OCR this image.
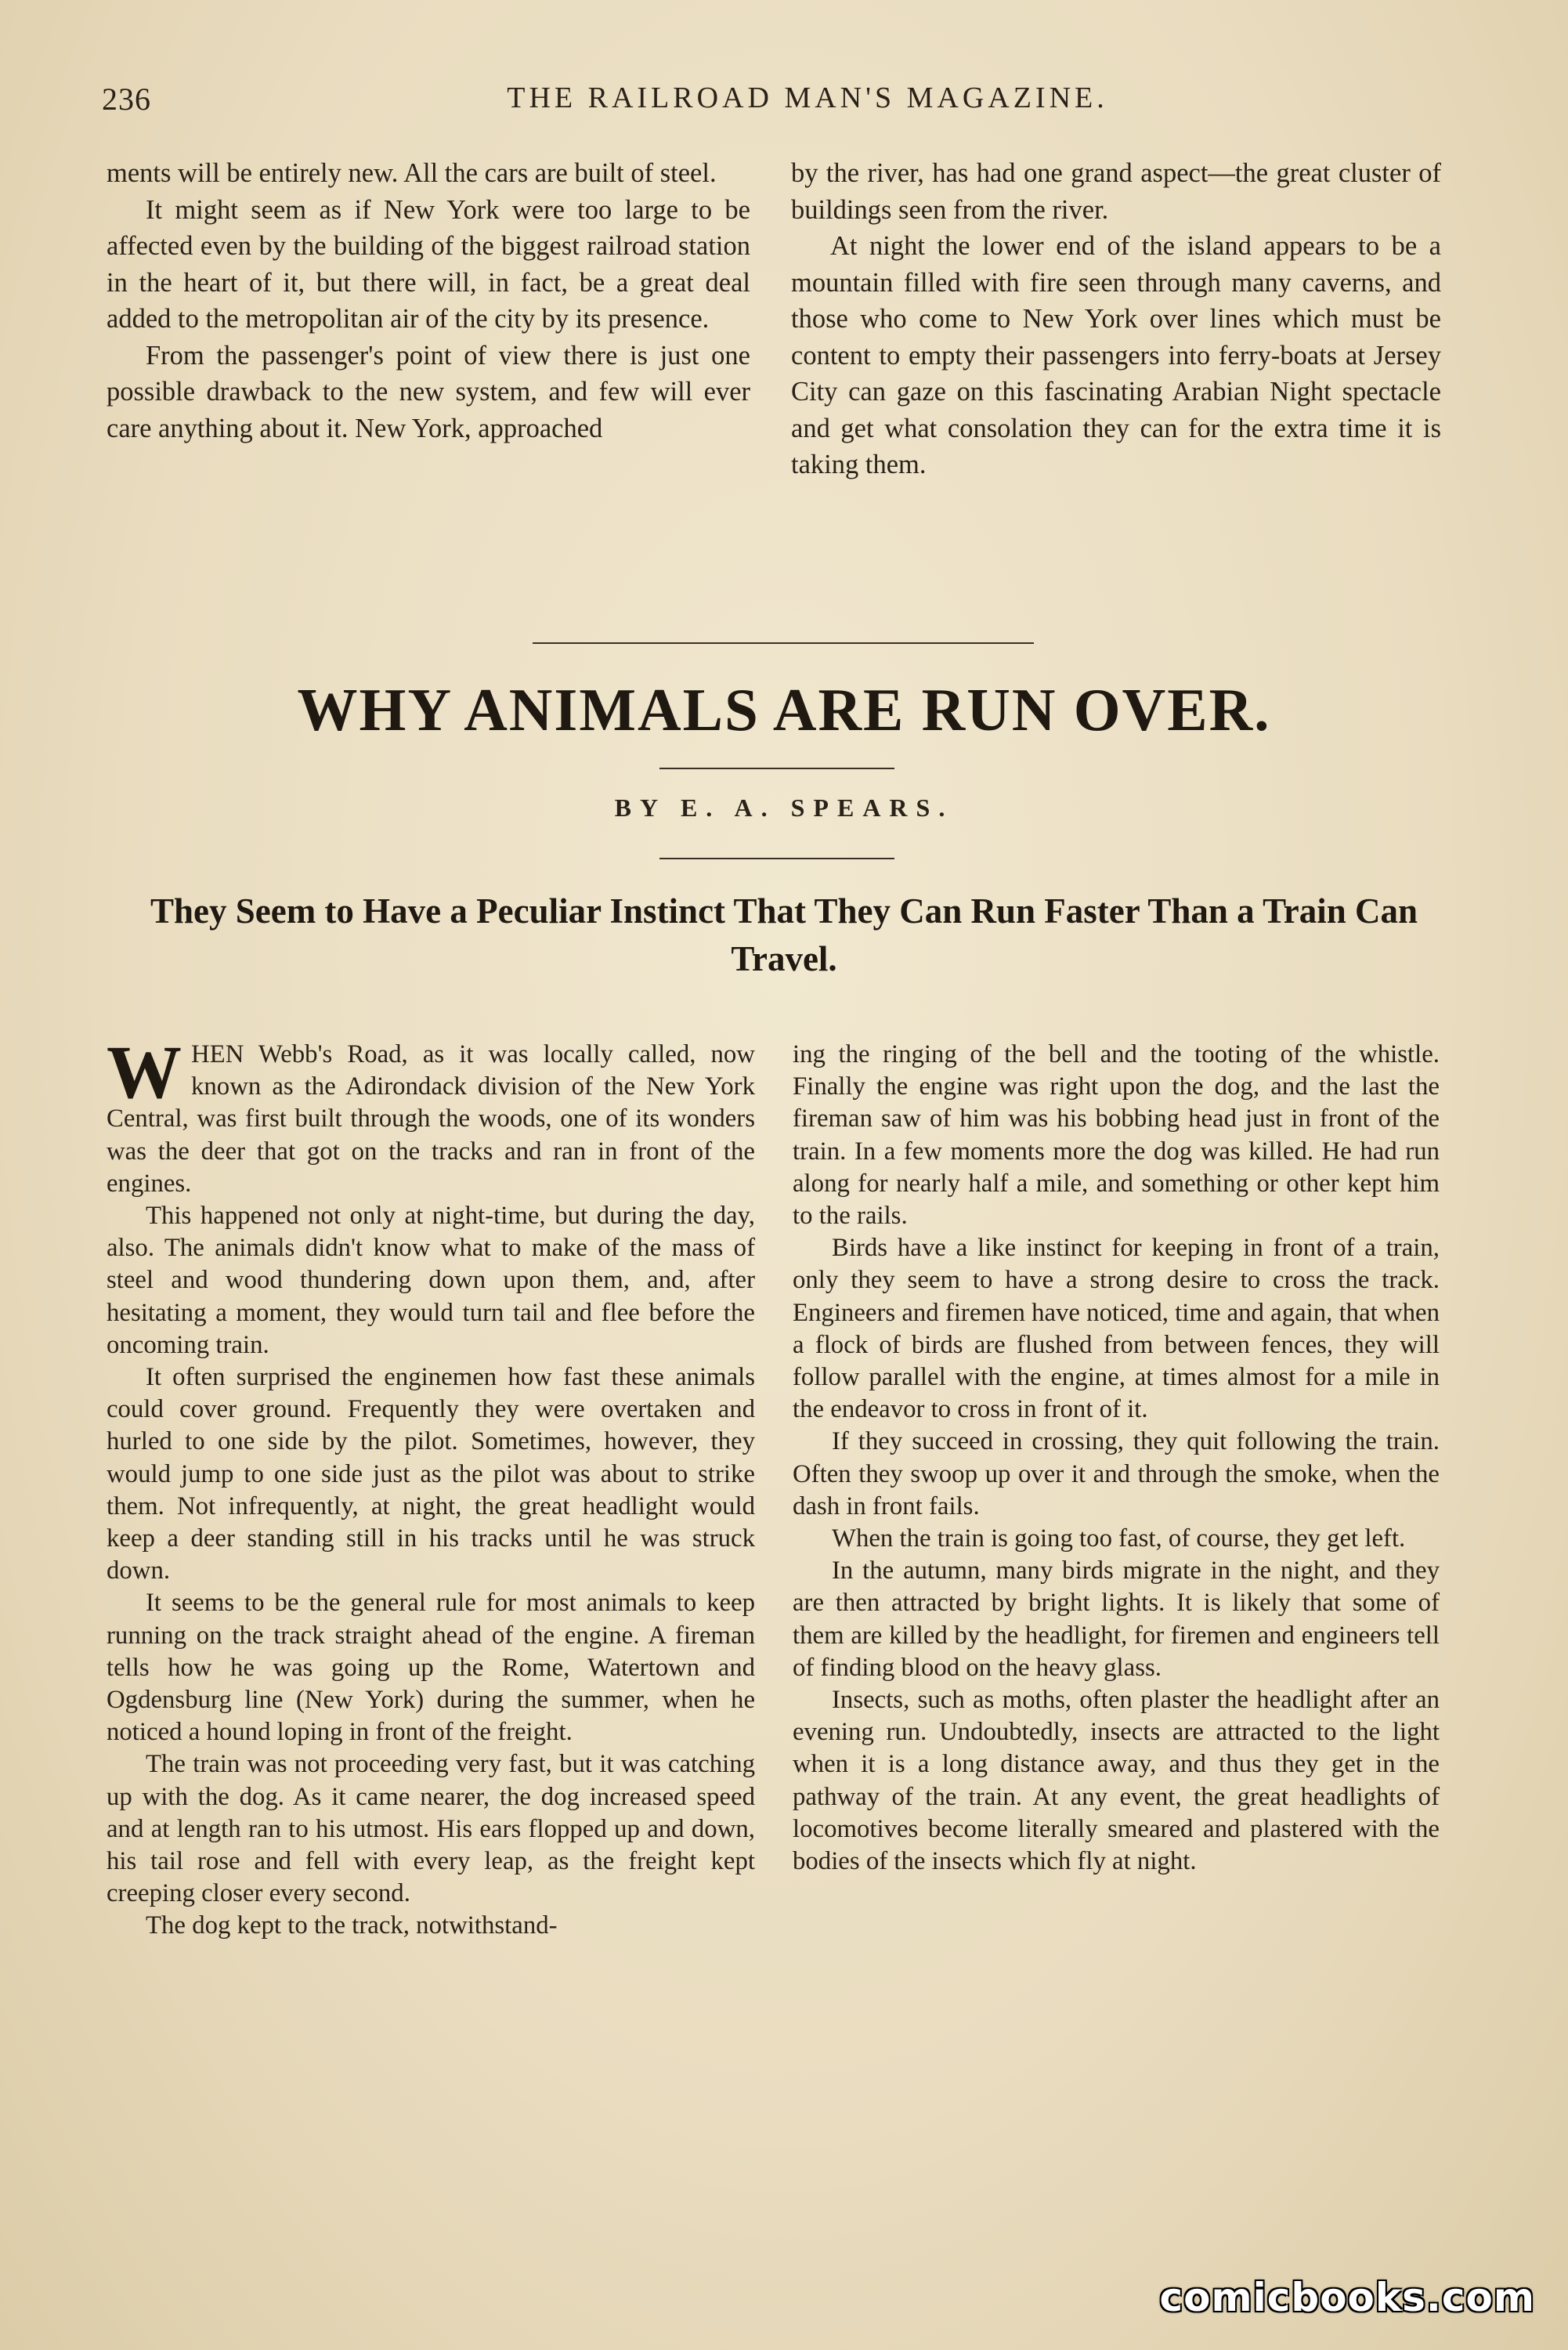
236	THE RAILROAD MAN'S MAGAZINE.

ments will be entirely new. All the cars are built of steel.

It might seem as if New York were too large to be affected even by the building of the biggest railroad station in the heart of it, but there will, in fact, be a great deal added to the metropolitan air of the city by its presence.

From the passenger's point of view there is just one possible drawback to the new system, and few will ever care anything about it. New York, approached

by the river, has had one grand aspect—the great cluster of buildings seen from the river.

At night the lower end of the island appears to be a mountain filled with fire seen through many caverns, and those who come to New York over lines which must be content to empty their passengers into ferry-boats at Jersey City can gaze on this fascinating Arabian Night spectacle and get what consolation they can for the extra time it is taking them.

WHY ANIMALS ARE RUN OVER.
BY E. A. SPEARS.
They Seem to Have a Peculiar Instinct That They Can Run Faster Than a Train Can Travel.

WHEN Webb's Road, as it was locally called, now known as the Adirondack division of the New York Central, was first built through the woods, one of its wonders was the deer that got on the tracks and ran in front of the engines.

This happened not only at night-time, but during the day, also. The animals didn't know what to make of the mass of steel and wood thundering down upon them, and, after hesitating a moment, they would turn tail and flee before the oncoming train.

It often surprised the enginemen how fast these animals could cover ground. Frequently they were overtaken and hurled to one side by the pilot. Sometimes, however, they would jump to one side just as the pilot was about to strike them. Not infrequently, at night, the great headlight would keep a deer standing still in his tracks until he was struck down.

It seems to be the general rule for most animals to keep running on the track straight ahead of the engine. A fireman tells how he was going up the Rome, Watertown and Ogdensburg line (New York) during the summer, when he noticed a hound loping in front of the freight.

The train was not proceeding very fast, but it was catching up with the dog. As it came nearer, the dog increased speed and at length ran to his utmost. His ears flopped up and down, his tail rose and fell with every leap, as the freight kept creeping closer every second.

The dog kept to the track, notwithstand-

ing the ringing of the bell and the tooting of the whistle. Finally the engine was right upon the dog, and the last the fireman saw of him was his bobbing head just in front of the train. In a few moments more the dog was killed. He had run along for nearly half a mile, and something or other kept him to the rails.

Birds have a like instinct for keeping in front of a train, only they seem to have a strong desire to cross the track. Engineers and firemen have noticed, time and again, that when a flock of birds are flushed from between fences, they will follow parallel with the engine, at times almost for a mile in the endeavor to cross in front of it.

If they succeed in crossing, they quit following the train. Often they swoop up over it and through the smoke, when the dash in front fails.

When the train is going too fast, of course, they get left.

In the autumn, many birds migrate in the night, and they are then attracted by bright lights. It is likely that some of them are killed by the headlight, for firemen and engineers tell of finding blood on the heavy glass.

Insects, such as moths, often plaster the headlight after an evening run. Undoubtedly, insects are attracted to the light when it is a long distance away, and thus they get in the pathway of the train. At any event, the great headlights of locomotives become literally smeared and plastered with the bodies of the insects which fly at night.

comicbooks.com
